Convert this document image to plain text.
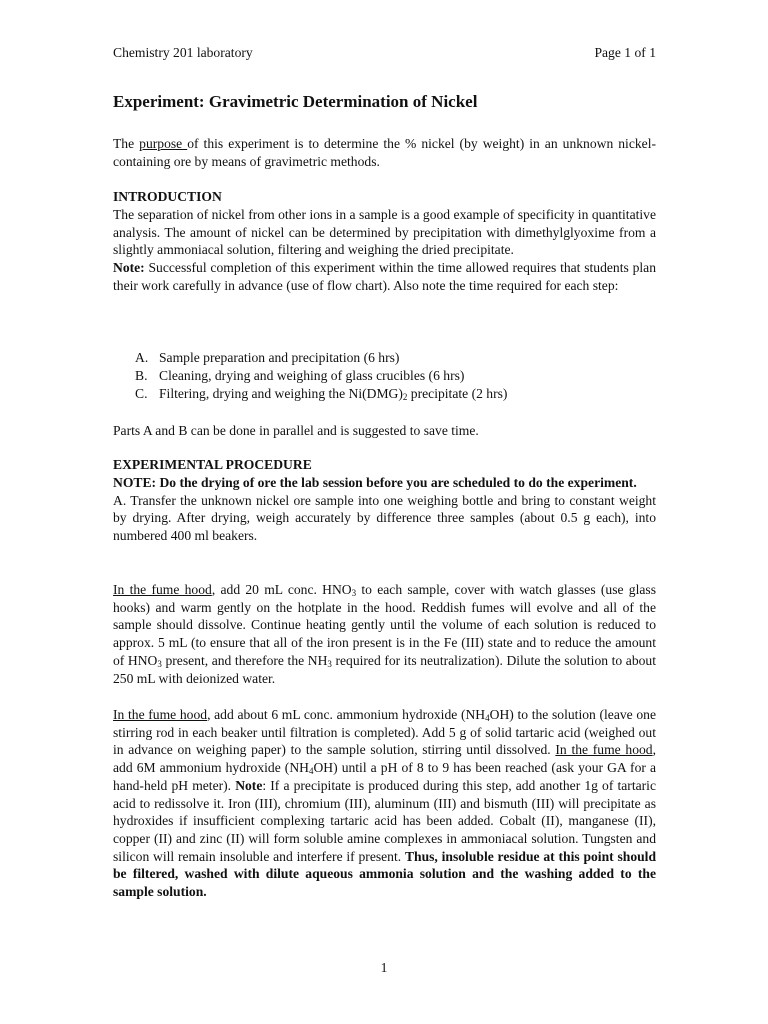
Chemistry 201 laboratory	Page 1 of 1
Experiment: Gravimetric Determination of Nickel
The purpose of this experiment is to determine the % nickel (by weight) in an unknown nickel-containing ore by means of gravimetric methods.
INTRODUCTION
The separation of nickel from other ions in a sample is a good example of specificity in quantitative analysis. The amount of nickel can be determined by precipitation with dimethylglyoxime from a slightly ammoniacal solution, filtering and weighing the dried precipitate.
Note: Successful completion of this experiment within the time allowed requires that students plan their work carefully in advance (use of flow chart). Also note the time required for each step:
A. Sample preparation and precipitation (6 hrs)
B. Cleaning, drying and weighing of glass crucibles (6 hrs)
C. Filtering, drying and weighing the $Ni(DMG)_2$ precipitate (2 hrs)
Parts A and B can be done in parallel and is suggested to save time.
EXPERIMENTAL PROCEDURE
NOTE: Do the drying of ore the lab session before you are scheduled to do the experiment.
A. Transfer the unknown nickel ore sample into one weighing bottle and bring to constant weight by drying. After drying, weigh accurately by difference three samples (about 0.5 g each), into numbered 400 ml beakers.
In the fume hood, add 20 mL conc. $HNO_3$ to each sample, cover with watch glasses (use glass hooks) and warm gently on the hotplate in the hood. Reddish fumes will evolve and all of the sample should dissolve. Continue heating gently until the volume of each solution is reduced to approx. 5 mL (to ensure that all of the iron present is in the Fe (III) state and to reduce the amount of $HNO_3$ present, and therefore the $NH_3$ required for its neutralization). Dilute the solution to about 250 mL with deionized water.
In the fume hood, add about 6 mL conc. ammonium hydroxide $(NH_4OH)$ to the solution (leave one stirring rod in each beaker until filtration is completed). Add 5 g of solid tartaric acid (weighed out in advance on weighing paper) to the sample solution, stirring until dissolved. In the fume hood, add 6M ammonium hydroxide $(NH_4OH)$ until a pH of 8 to 9 has been reached (ask your GA for a hand-held pH meter). Note: If a precipitate is produced during this step, add another 1g of tartaric acid to redissolve it. Iron (III), chromium (III), aluminum (III) and bismuth (III) will precipitate as hydroxides if insufficient complexing tartaric acid has been added. Cobalt (II), manganese (II), copper (II) and zinc (II) will form soluble amine complexes in ammoniacal solution. Tungsten and silicon will remain insoluble and interfere if present. Thus, insoluble residue at this point should be filtered, washed with dilute aqueous ammonia solution and the washing added to the sample solution.
1
